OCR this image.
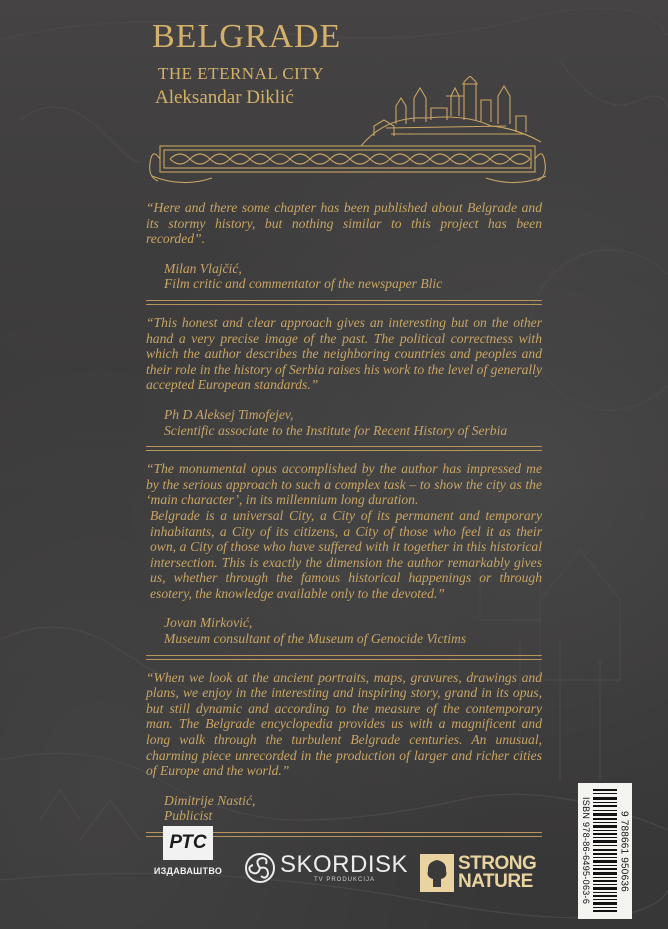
BELGRADE
THE ETERNAL CITY
Aleksandar Diklić

“Here and there some chapter has been published about Belgrade and its stormy history, but nothing similar to this project has been recorded”.

Milan Vlajčić,
Film critic and commentator of the newspaper Blic

“This honest and clear approach gives an interesting but on the other hand a very precise image of the past. The political correctness with which the author describes the neighboring countries and peoples and their role in the history of Serbia raises his work to the level of generally accepted European standards.”

Ph D Aleksej Timofejev,
Scientific associate to the Institute for Recent History of Serbia

“The monumental opus accomplished by the author has impressed me by the serious approach to such a complex task – to show the city as the ‘main character’, in its millennium long duration.

Belgrade is a universal City, a City of its permanent and temporary inhabitants, a City of its citizens, a City of those who feel it as their own, a City of those who have suffered with it together in this historical intersection. This is exactly the dimension the author remarkably gives us, whether through the famous historical happenings or through esotery, the knowledge available only to the devoted.”

Jovan Mirković,
Museum consultant of the Museum of Genocide Victims

“When we look at the ancient portraits, maps, gravures, drawings and plans, we enjoy in the interesting and inspiring story, grand in its opus, but still dynamic and according to the measure of the contemporary man. The Belgrade encyclopedia provides us with a magnificent and long walk through the turbulent Belgrade centuries. An unusual, charming piece unrecorded in the production of larger and richer cities of Europe and the world.”

Dimitrije Nastić,
Publicist
РТС
ИЗДАВАШТВО SKORDISK
TV PRODUKCIJA
STRONG
NATURE	ISBN 978-86-6495-063-6	9 788661 950636
